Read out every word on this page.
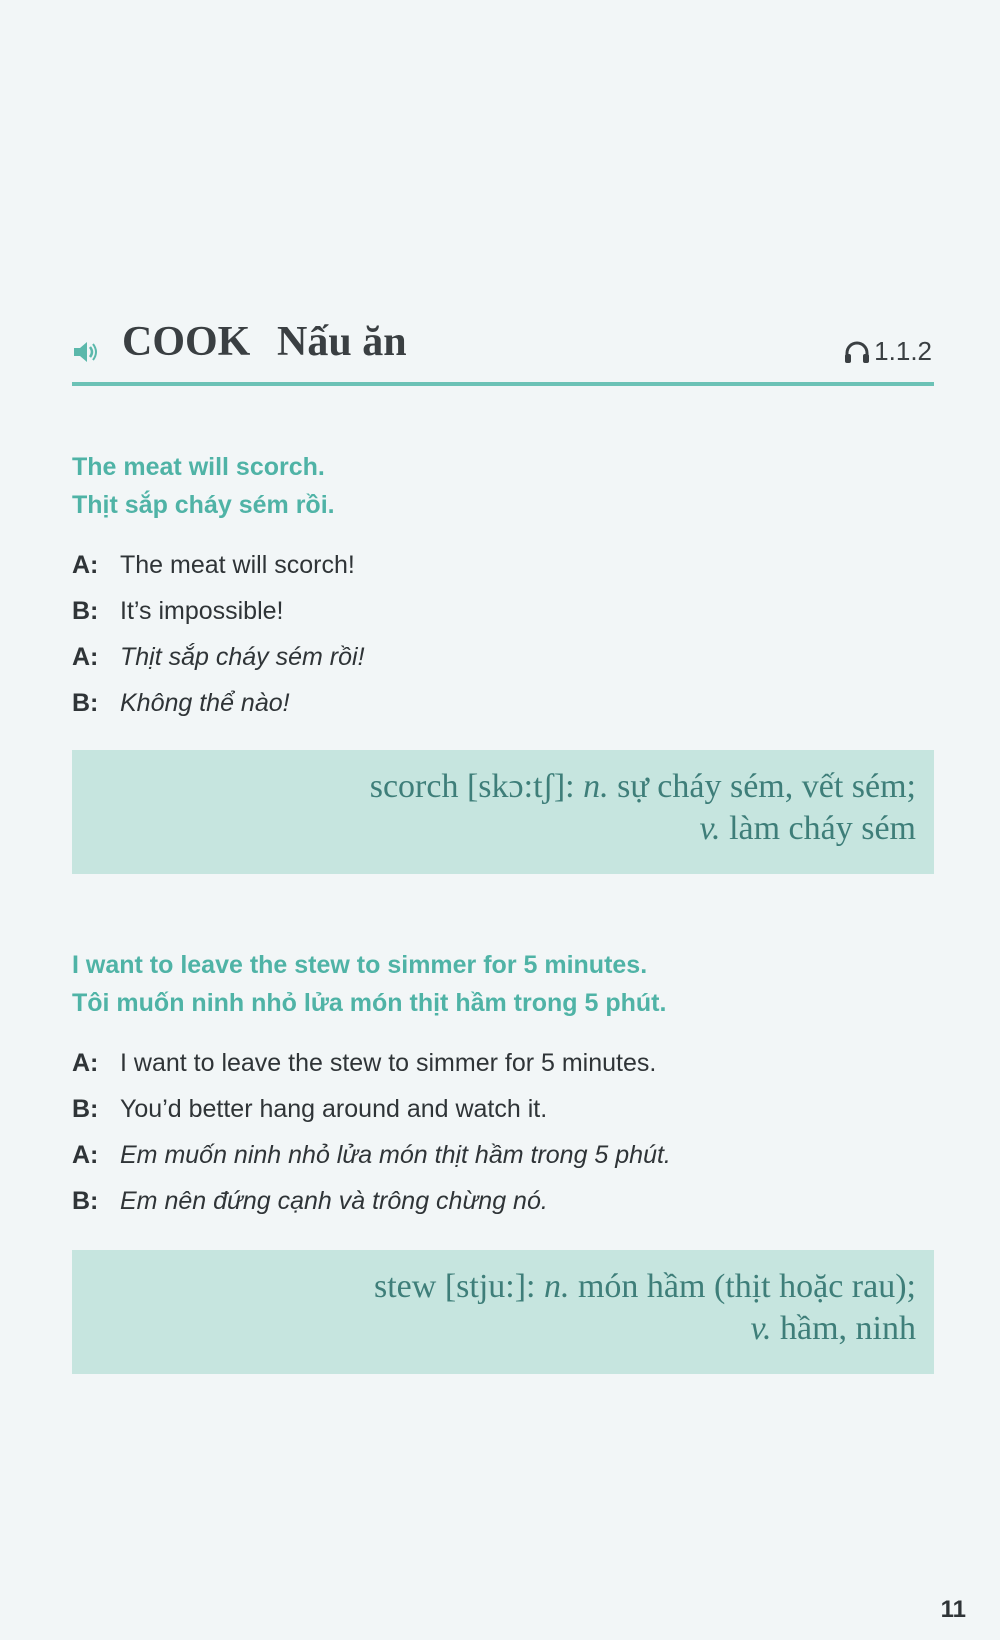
COOK Nấu ăn	1.1.2
The meat will scorch.
Thịt sắp cháy sém rồi.
A: The meat will scorch!
B: It’s impossible!
A: Thịt sắp cháy sém rồi!
B: Không thể nào!
scorch [skɔ:tʃ]: n. sự cháy sém, vết sém;
v. làm cháy sém
I want to leave the stew to simmer for 5 minutes.
Tôi muốn ninh nhỏ lửa món thịt hầm trong 5 phút.
A: I want to leave the stew to simmer for 5 minutes.
B: You’d better hang around and watch it.
A: Em muốn ninh nhỏ lửa món thịt hầm trong 5 phút.
B: Em nên đứng cạnh và trông chừng nó.
stew [stju:]: n. món hầm (thịt hoặc rau);
v. hầm, ninh
11
